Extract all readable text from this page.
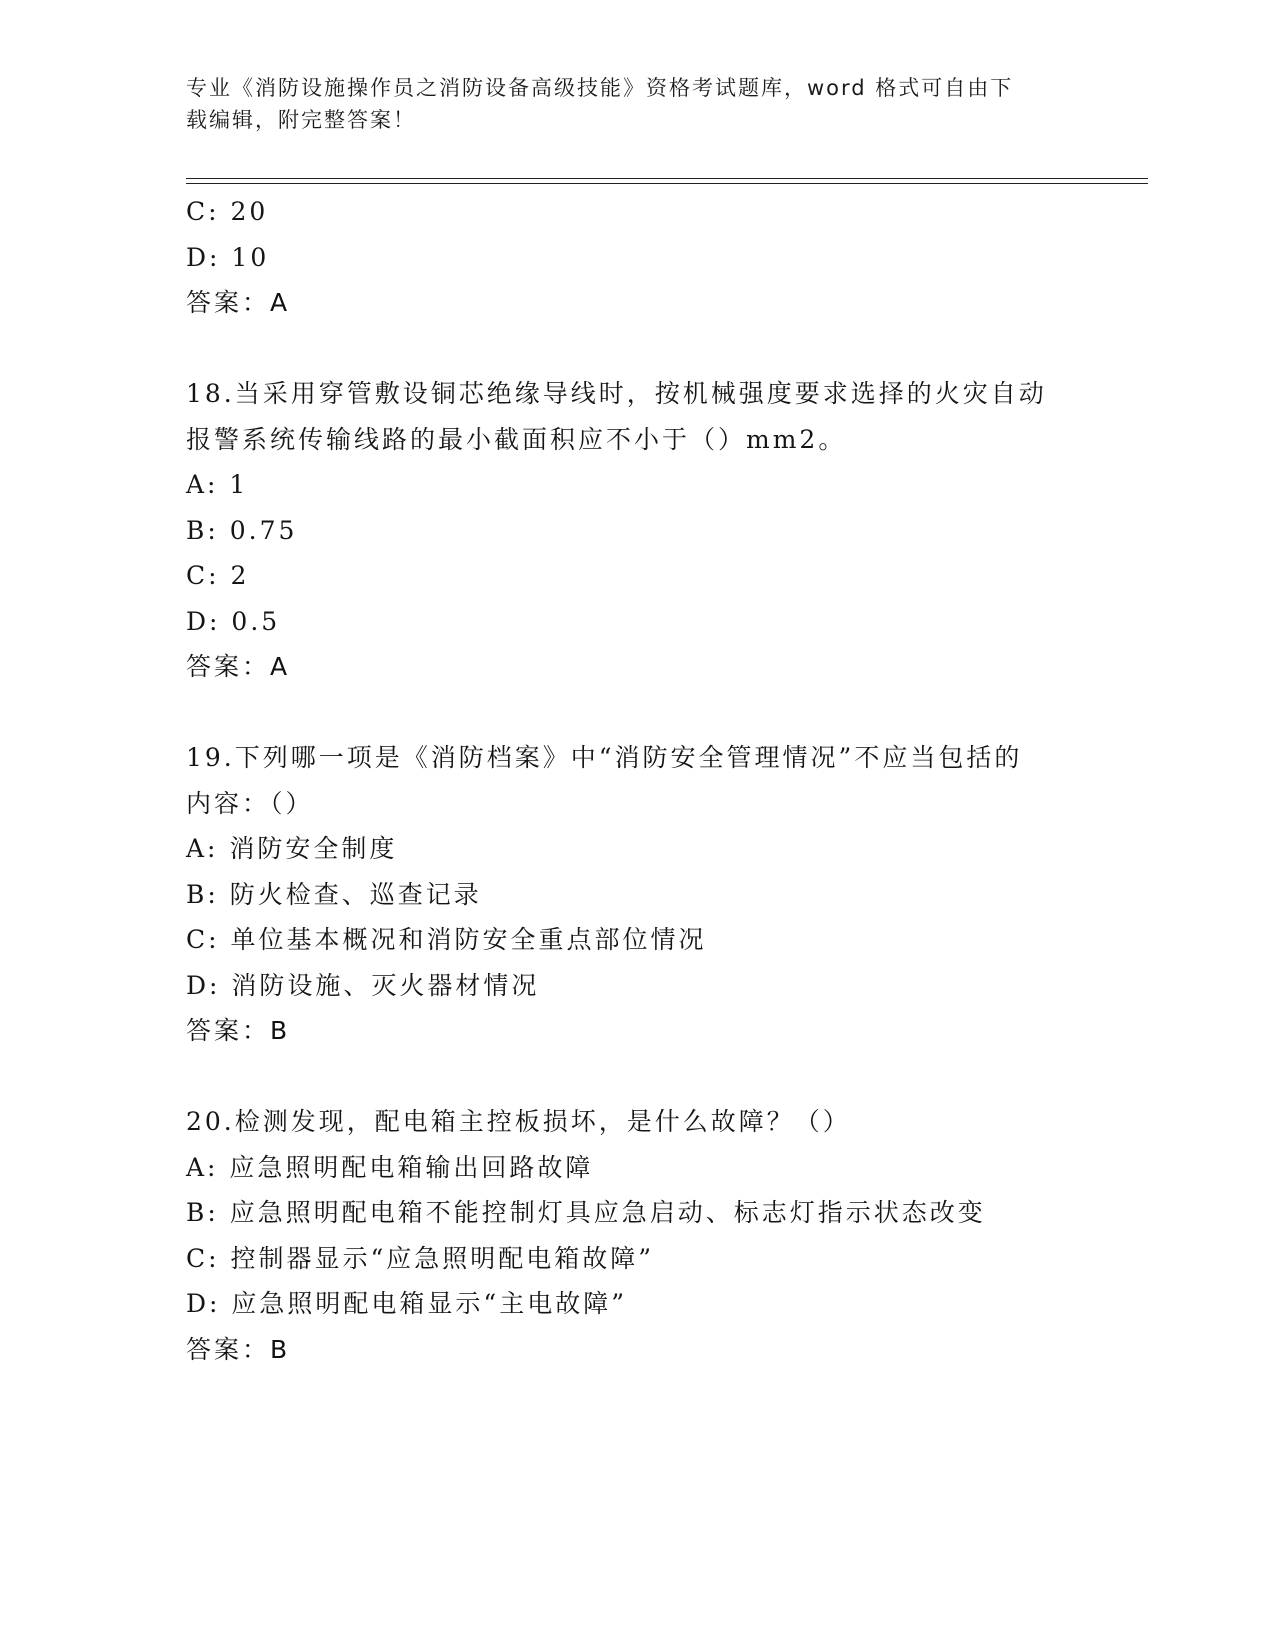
专业《消防设施操作员之消防设备高级技能》资格考试题库，word 格式可自由下
载编辑，附完整答案！
C: 20
D: 10
答案：A
18.当采用穿管敷设铜芯绝缘导线时，按机械强度要求选择的火灾自动
报警系统传输线路的最小截面积应不小于（）mm2。
A: 1
B: 0.75
C: 2
D: 0.5
答案：A
19.下列哪一项是《消防档案》中“消防安全管理情况”不应当包括的
内容：（）
A: 消防安全制度
B: 防火检查、巡查记录
C: 单位基本概况和消防安全重点部位情况
D: 消防设施、灭火器材情况
答案：B
20.检测发现，配电箱主控板损坏，是什么故障？（）
A: 应急照明配电箱输出回路故障
B: 应急照明配电箱不能控制灯具应急启动、标志灯指示状态改变
C: 控制器显示“应急照明配电箱故障”
D: 应急照明配电箱显示“主电故障”
答案：B
